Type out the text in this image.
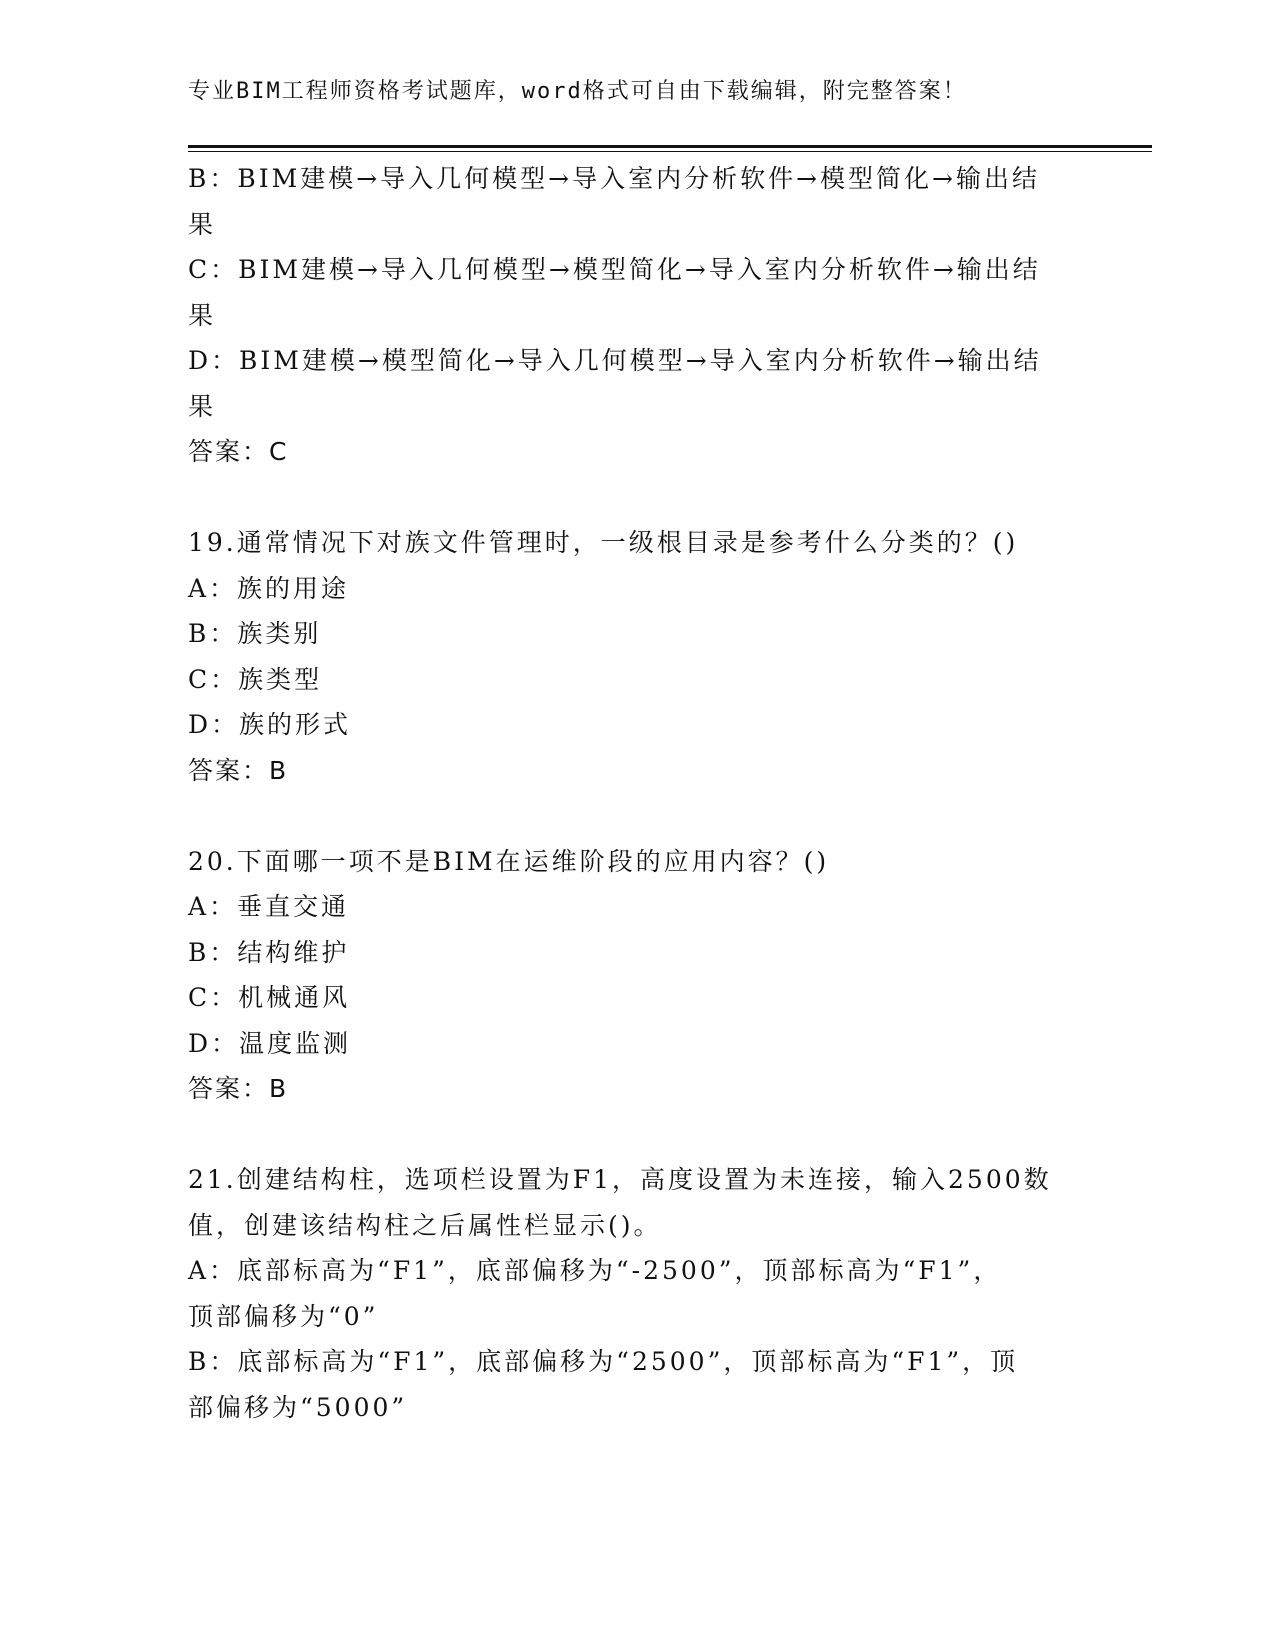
专业BIM工程师资格考试题库，word格式可自由下载编辑，附完整答案！
B：BIM建模→导入几何模型→导入室内分析软件→模型简化→输出结
果
C：BIM建模→导入几何模型→模型简化→导入室内分析软件→输出结
果
D：BIM建模→模型简化→导入几何模型→导入室内分析软件→输出结
果
答案：C
19.通常情况下对族文件管理时，一级根目录是参考什么分类的？()
A：族的用途
B：族类别
C：族类型
D：族的形式
答案：B
20.下面哪一项不是BIM在运维阶段的应用内容？()
A：垂直交通
B：结构维护
C：机械通风
D：温度监测
答案：B
21.创建结构柱，选项栏设置为F1，高度设置为未连接，输入2500数
值，创建该结构柱之后属性栏显示()。
A：底部标高为“F1”，底部偏移为“-2500”，顶部标高为“F1”，
顶部偏移为“0”
B：底部标高为“F1”，底部偏移为“2500”，顶部标高为“F1”，顶
部偏移为“5000”
